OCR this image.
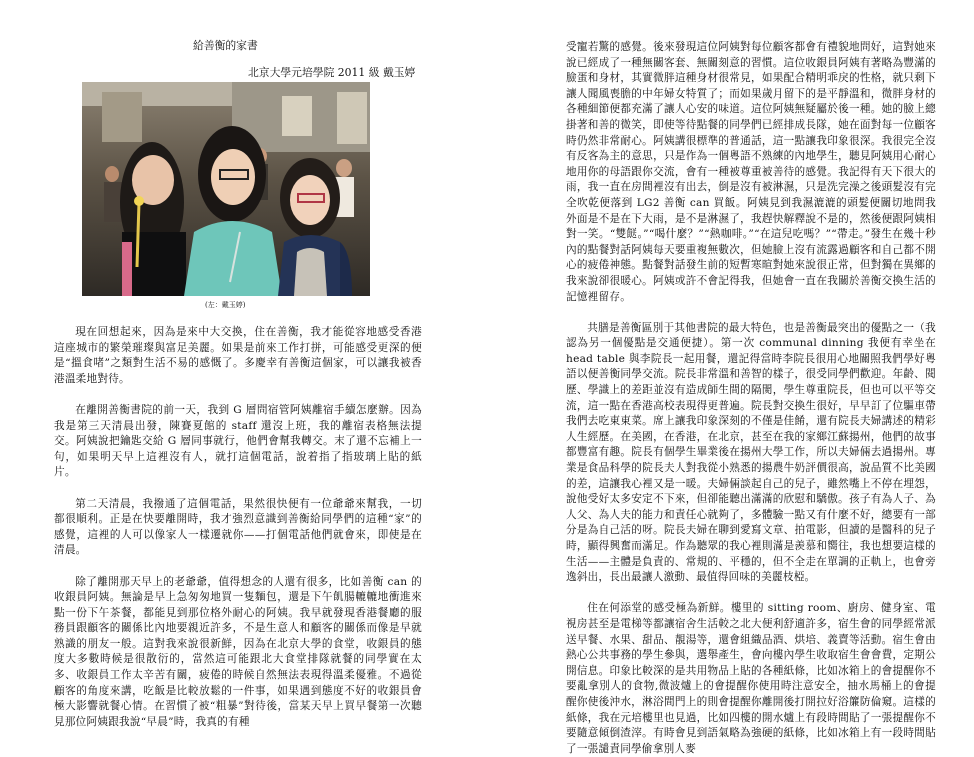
給善衡的家書
北京大學元培學院 2011 級 戴玉婷
(左：戴玉婷)

現在回想起來，因為是來中大交換，住在善衡，我才能從容地感受香港這座城市的繁榮璀璨與富足美麗。如果是前來工作打拼，可能感受更深的便是“搵食啫”之類對生活不易的感慨了。多慶幸有善衡這個家，可以讓我被香港溫柔地對待。

在離開善衡書院的前一天，我到 G 層問宿管阿姨離宿手續怎麼辦。因為我是第三天清晨出發，陳賽夏館的 staff 還沒上班，我的離宿表格無法提交。阿姨說把鑰匙交給 G 層同事就行，他們會幫我轉交。末了還不忘補上一句，如果明天早上這裡沒有人，就打這個電話，說着指了指玻璃上貼的紙片。

第二天清晨，我撥通了這個電話，果然很快便有一位爺爺來幫我，一切都很順利。正是在快要離開時，我才強烈意識到善衡給同學們的這種“家”的感覺，這裡的人可以像家人一樣遷就你——打個電話他們就會來，即使是在清晨。

除了離開那天早上的老爺爺，值得想念的人還有很多，比如善衡 can 的收銀員阿姨。無論是早上急匆匆地買一隻麵包，還是下午飢腸轆轆地衝進來點一份下午茶餐，都能見到那位格外耐心的阿姨。我早就發現香港餐廳的服務員跟顧客的關係比內地要親近許多，不是生意人和顧客的關係而像是早就熟識的朋友一般。這對我來說很新鮮，因為在北京大學的食堂，收銀員的態度大多數時候是很散衍的，當然這可能跟北大食堂排隊就餐的同學實在太多、收銀員工作太辛苦有關，疲倦的時候自然無法表現得溫柔優雅。不過從顧客的角度來講，吃飯是比較放鬆的一件事，如果遇到態度不好的收銀員會極大影響就餐心情。在習慣了被“粗暴”對待後，當某天早上買早餐第一次聽見那位阿姨跟我說“早晨”時，我真的有種

受寵若驚的感覺。後來發現這位阿姨對每位顧客都會有禮貌地問好，這對她來說已經成了一種無關客套、無關刻意的習慣。這位收銀員阿姨有著略為豐滿的臉蛋和身材，其實微胖這種身材很常見，如果配合精明乖戾的性格，就只剩下讓人聞風喪膽的中年婦女特質了；而如果歲月留下的是平靜溫和，微胖身材的各種細節便都充滿了讓人心安的味道。這位阿姨無疑屬於後一種。她的臉上總掛著和善的微笑，即使等待點餐的同學們已經排成長隊，她在面對每一位顧客時仍然非常耐心。阿姨講很標準的普通話，這一點讓我印象很深。我很完全沒有反客為主的意思，只是作為一個粵語不熟練的內地學生，聽見阿姨用心耐心地用你的母語跟你交流，會有一種被尊重被善待的感覺。我記得有天下很大的雨，我一直在房間裡沒有出去，倒是沒有被淋濕，只是洗完澡之後頭髮沒有完全吹乾便落到 LG2 善衡 can 買飯。阿姨見到我濕漉漉的頭髮便關切地問我外面是不是在下大雨，是不是淋濕了，我趕快解釋說不是的，然後便跟阿姨相對一笑。“雙餸。”“喝什麼？”“熱咖啡。”“在這兒吃嗎？”“帶走。”發生在幾十秒內的點餐對話阿姨每天要重複無數次，但她臉上沒有流露過顧客和自己都不開心的疲倦神態。點餐對話發生前的短暫寒暄對她來說很正常，但對獨在異鄉的我來說卻很暖心。阿姨或許不會記得我，但她會一直在我關於善衡交換生活的記憶裡留存。

共膳是善衡區別于其他書院的最大特色，也是善衡最突出的優點之一（我認為另一個優點是交通便捷）。第一次 communal dinning 我便有幸坐在 head table 與李院長一起用餐，還記得當時李院長很用心地關照我們學好粵語以便善衡同學交流。院長非常溫和善智的樣子，很受同學們歡迎。年齡、閱歷、學識上的差距並沒有造成師生間的隔閡，學生尊重院長，但也可以平等交流，這一點在香港高校表現得更普遍。院長對交換生很好，早早訂了位驅車帶我們去吃東東菜。席上讓我印象深刻的不僅是佳餚，還有院長夫婦講述的精彩人生經歷。在美國，在香港，在北京，甚至在我的家鄉江蘇揚州，他們的故事都豐富有趣。院長有個學生畢業後在揚州大學工作，所以夫婦倆去過揚州。專業是食品科學的院長夫人對我從小熟悉的揚農牛奶評價很高，說品質不比美國的差，這讓我心裡又是一暖。夫婦倆談起自己的兒子，雖然嘴上不停在埋怨，說他受好太多安定不下來，但卻能聽出滿滿的欣慰和驕傲。孩子有為人子、為人父、為人夫的能力和責任心就夠了，多體驗一點又有什麼不好，總要有一部分是為自己活的呀。院長夫婦在聊到愛寫文章、拍電影，但讀的是醫科的兒子時，顯得興奮而滿足。作為聽眾的我心裡則滿是羨慕和嚮往，我也想要這樣的生活——主體是負責的、常規的、平穩的，但不全走在單調的正軌上，也會旁逸斜出，長出最讓人激動、最值得回味的美麗枝椏。

住在何添堂的感受極為新鮮。樓里的 sitting room、廚房、健身室、電視房甚至是電梯等都讓宿舍生活較之北大便利舒適許多，宿生會的同學經常派送早餐、水果、甜品、靚湯等，還會組織品酒、烘培、義賣等活動。宿生會由熱心公共事務的學生參與，選舉產生，會向樓內學生收取宿生會會費，定期公開信息。印象比較深的是共用物品上貼的各種紙條，比如冰箱上的會提醒你不要亂拿別人的食物,微波爐上的會提醒你使用時注意安全，抽水馬桶上的會提醒你使後沖水，淋浴間門上的則會提醒你離開後打開拉好浴簾防倫窺。這樣的紙條，我在元培樓里也見過，比如四樓的開水爐上有段時間貼了一張提醒你不要隨意傾倒渣滓。有時會見到語氣略為強硬的紙條，比如冰箱上有一段時間貼了一張譴責同學偷拿別人麥
